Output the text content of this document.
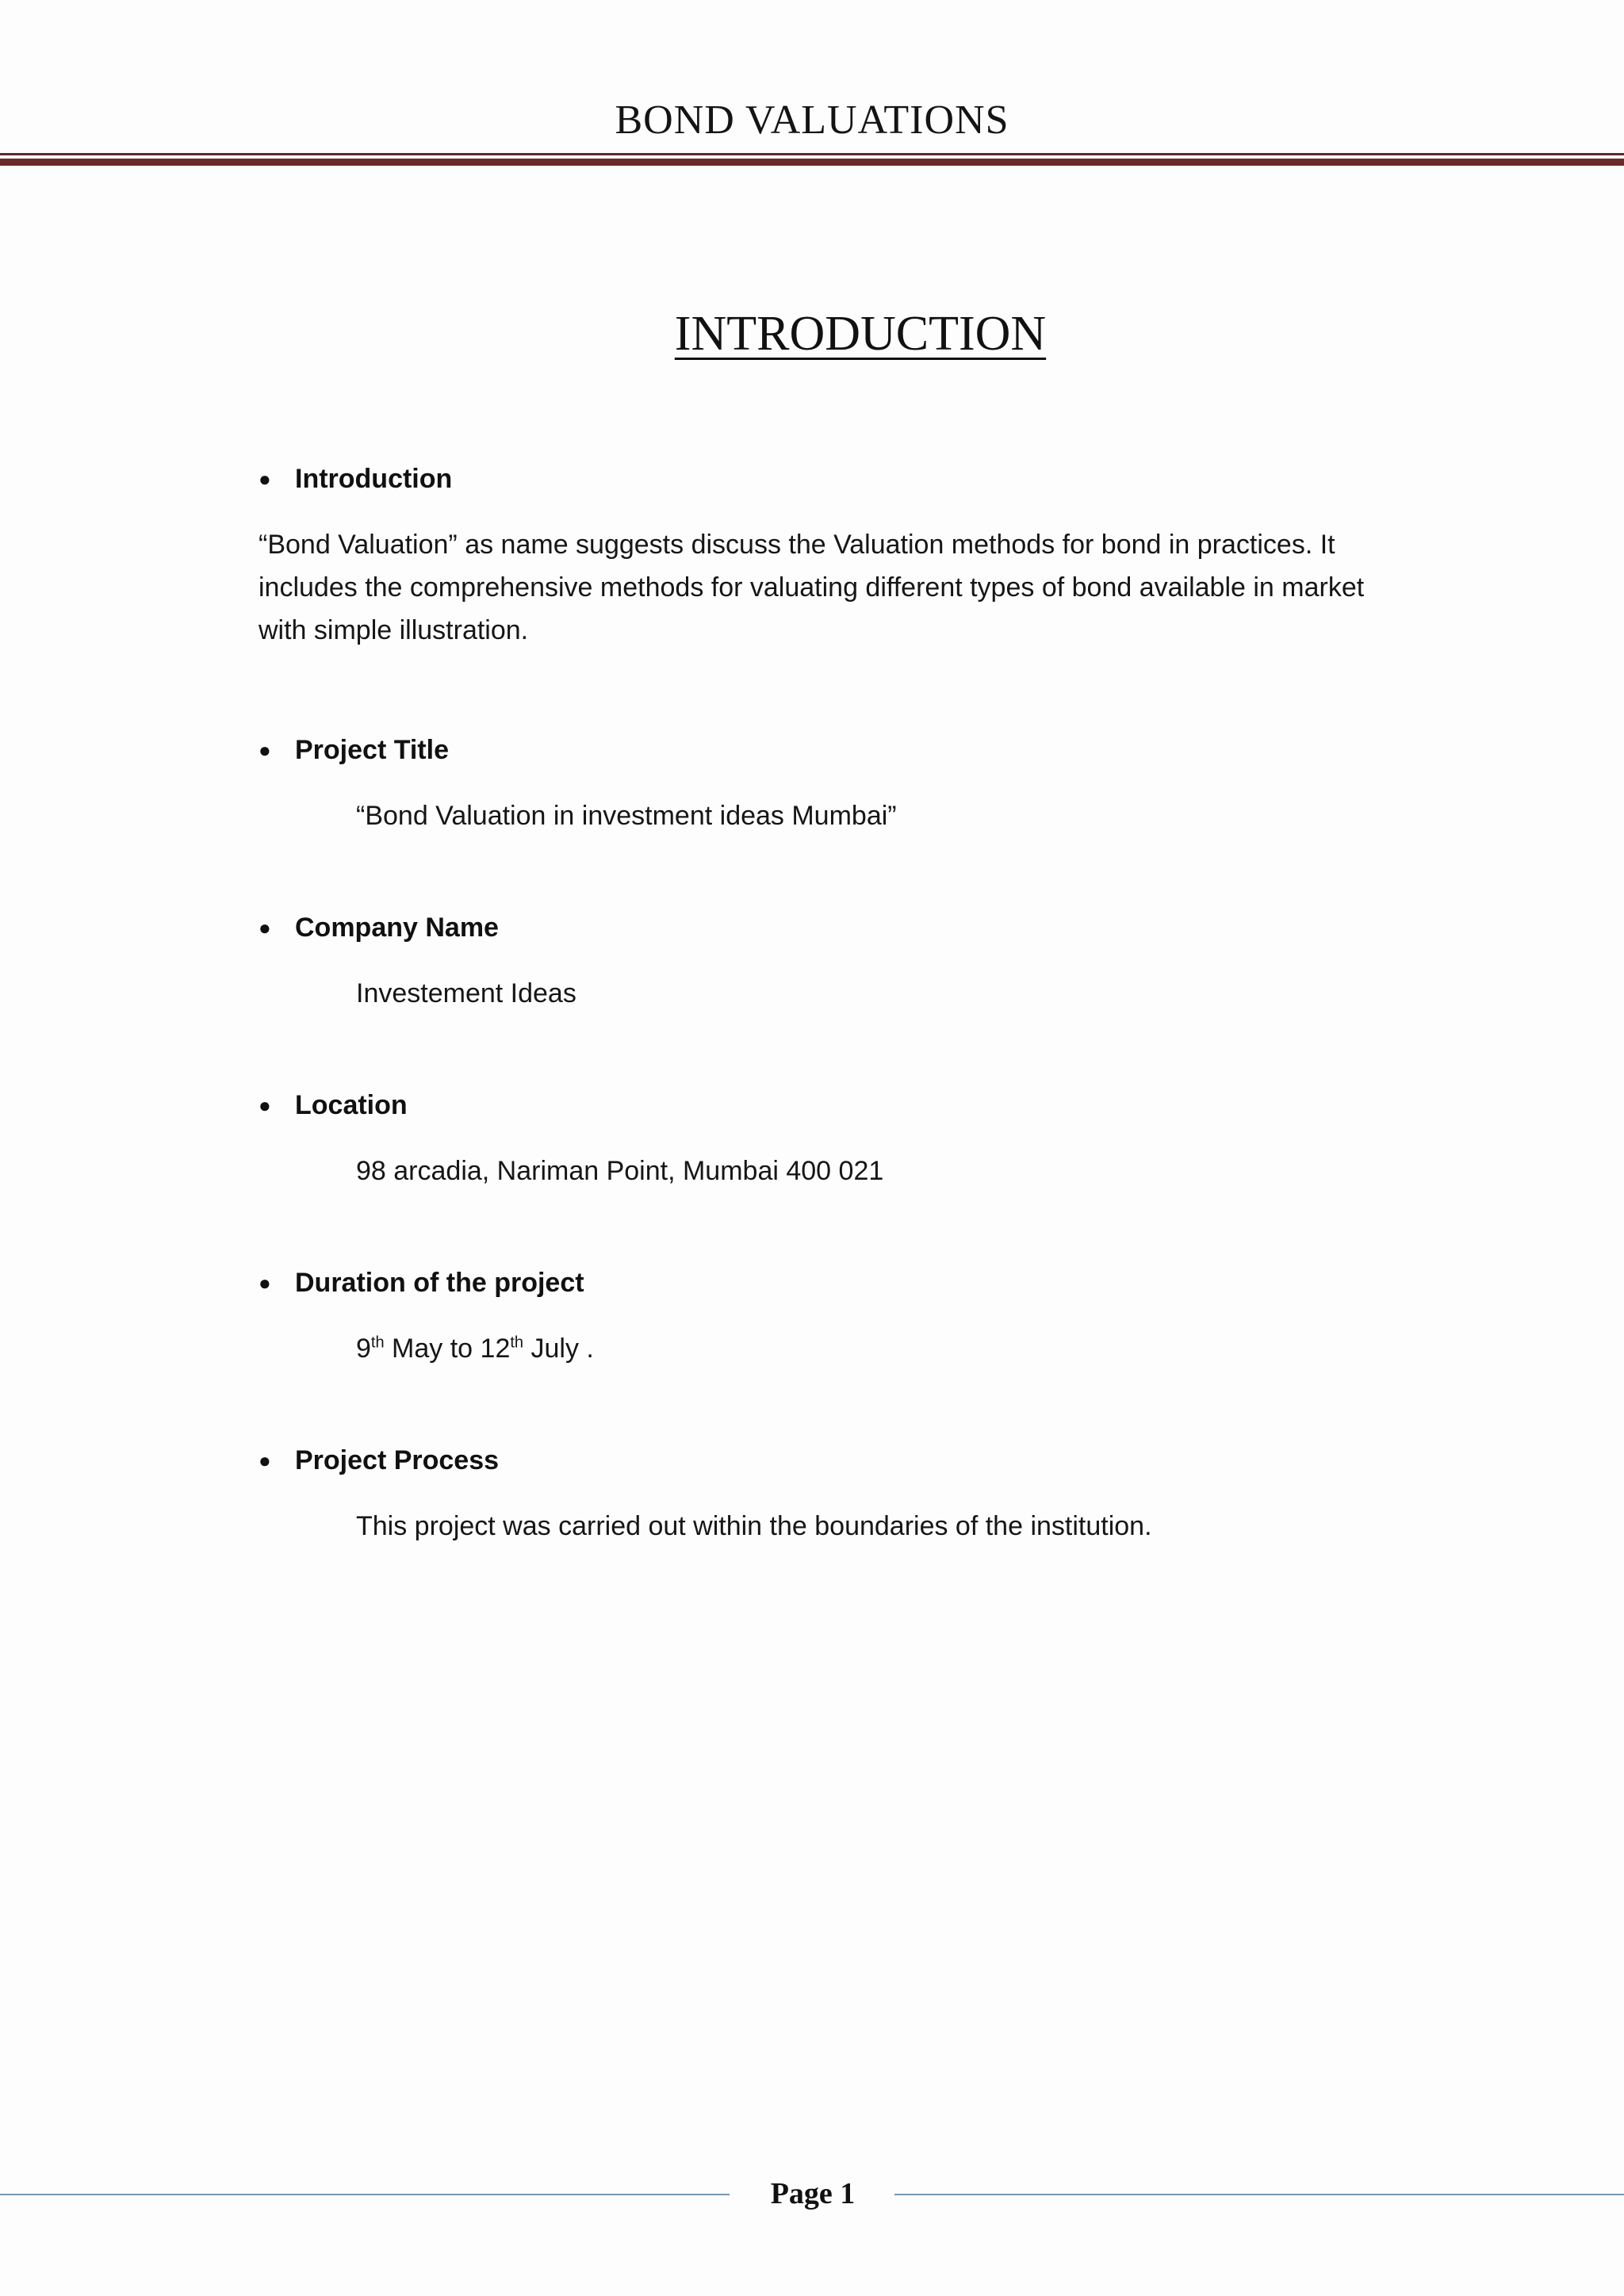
BOND VALUATIONS
INTRODUCTION
● Introduction
“Bond Valuation” as name suggests discuss the Valuation methods for bond in practices. It includes the comprehensive methods for valuating different types of bond available in market with simple illustration.
● Project Title
“Bond Valuation in investment ideas Mumbai”
● Company Name
Investement Ideas
● Location
98 arcadia, Nariman Point, Mumbai 400 021
● Duration of the project
9th May to 12th July .
● Project Process
This project was carried out within the boundaries of the institution.
Page 1
